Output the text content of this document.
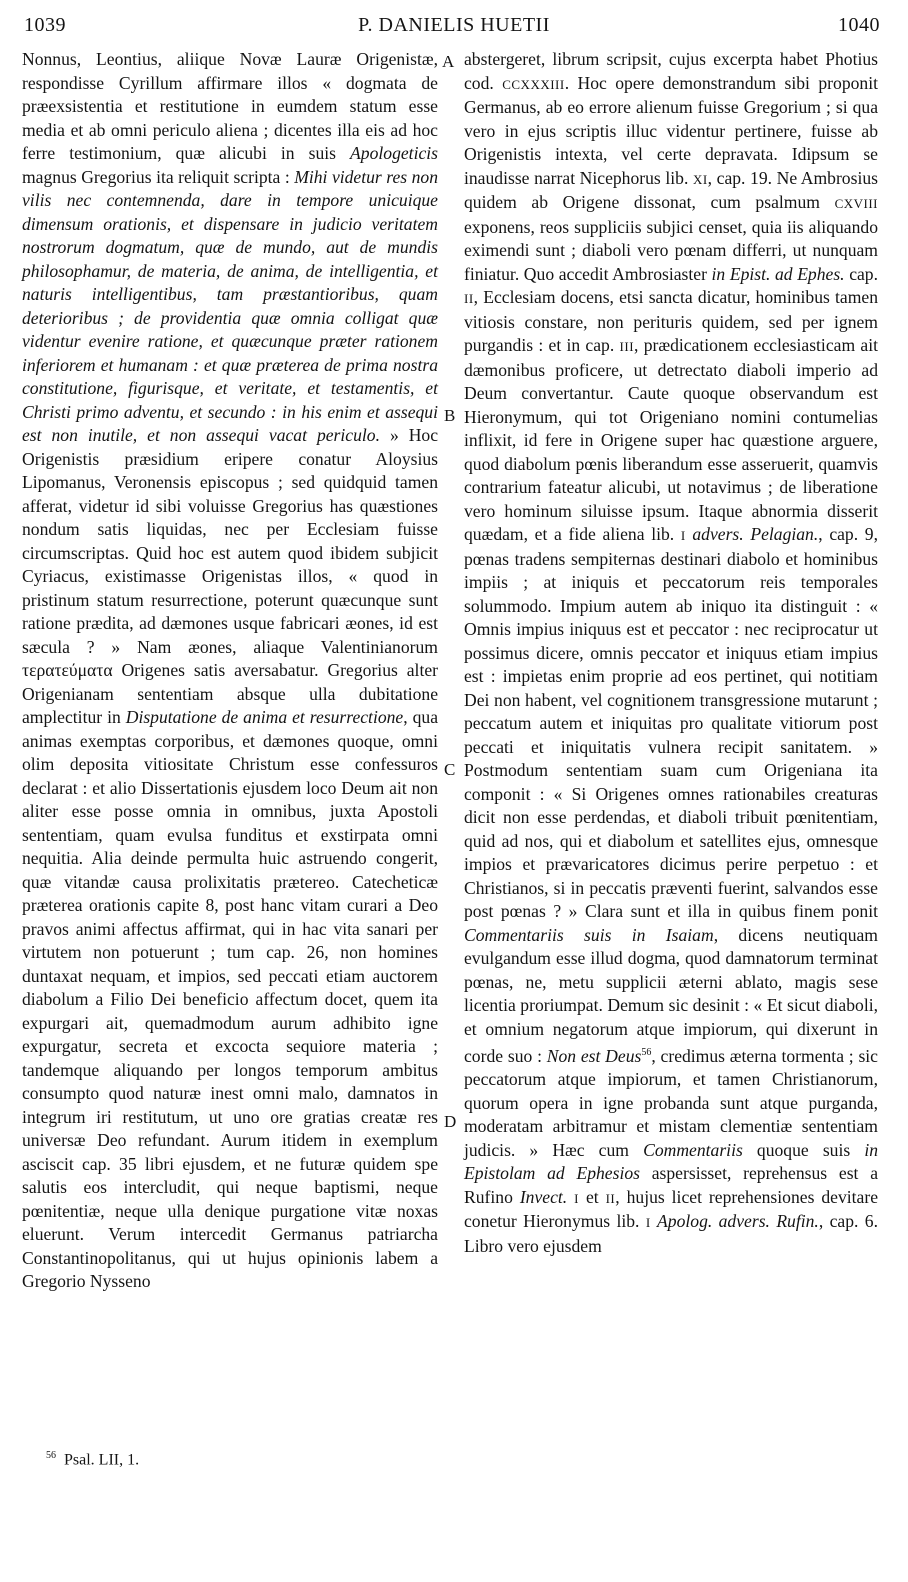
1039	P. DANIELIS HUETII	1040

Nonnus, Leontius, aliique Novæ Lauræ Origenistæ, respondisse Cyrillum affirmare illos « dogmata de præexsistentia et restitutione in eumdem statum esse media et ab omni periculo aliena ; dicentes illa eis ad hoc ferre testimonium, quæ alicubi in suis Apologeticis magnus Gregorius ita reliquit scripta : Mihi videtur res non vilis nec contemnenda, dare in tempore unicuique dimensum orationis, et dispensare in judicio veritatem nostrorum dogmatum, quæ de mundo, aut de mundis philosophamur, de materia, de anima, de intelligentia, et naturis intelligentibus, tam præstantioribus, quam deterioribus ; de providentia quæ omnia colligat quæ videntur evenire ratione, et quæcunque præter rationem inferiorem et humanam : et quæ præterea de prima nostra constitutione, figurisque, et veritate, et testamentis, et Christi primo adventu, et secundo : in his enim et assequi est non inutile, et non assequi vacat periculo. » Hoc Origenistis præsidium eripere conatur Aloysius Lipomanus, Veronensis episcopus ; sed quidquid tamen afferat, videtur id sibi voluisse Gregorius has quæstiones nondum satis liquidas, nec per Ecclesiam fuisse circumscriptas. Quid hoc est autem quod ibidem subjicit Cyriacus, existimasse Origenistas illos, « quod in pristinum statum resurrectione, poterunt quæcunque sunt ratione prædita, ad dæmones usque fabricari æones, id est sæcula ? » Nam æones, aliaque Valentinianorum τερατεύματα Origenes satis aversabatur. Gregorius alter Origenianam sententiam absque ulla dubitatione amplectitur in Disputatione de anima et resurrectione, qua animas exemptas corporibus, et dæmones quoque, omni olim deposita vitiositate Christum esse confessuros declarat : et alio Dissertationis ejusdem loco Deum ait non aliter esse posse omnia in omnibus, juxta Apostoli sententiam, quam evulsa funditus et exstirpata omni nequitia. Alia deinde permulta huic astruendo congerit, quæ vitandæ causa prolixitatis prætereo. Catecheticæ præterea orationis capite 8, post hanc vitam curari a Deo pravos animi affectus affirmat, qui in hac vita sanari per virtutem non potuerunt ; tum cap. 26, non homines duntaxat nequam, et impios, sed peccati etiam auctorem diabolum a Filio Dei beneficio affectum docet, quem ita expurgari ait, quemadmodum aurum adhibito igne expurgatur, secreta et excocta sequiore materia ; tandemque aliquando per longos temporum ambitus consumpto quod naturæ inest omni malo, damnatos in integrum iri restitutum, ut uno ore gratias creatæ res universæ Deo refundant. Aurum itidem in exemplum asciscit cap. 35 libri ejusdem, et ne futuræ quidem spe salutis eos intercludit, qui neque baptismi, neque pœnitentiæ, neque ulla denique purgatione vitæ noxas eluerunt. Verum intercedit Germanus patriarcha Constantinopolitanus, qui ut hujus opinionis labem a Gregorio Nysseno

A
B
C
D

abstergeret, librum scripsit, cujus excerpta habet Photius cod. CCXXXIII. Hoc opere demonstrandum sibi proponit Germanus, ab eo errore alienum fuisse Gregorium ; si qua vero in ejus scriptis illuc videntur pertinere, fuisse ab Origenistis intexta, vel certe depravata. Idipsum se inaudisse narrat Nicephorus lib. XI, cap. 19. Ne Ambrosius quidem ab Origene dissonat, cum psalmum CXVIII exponens, reos suppliciis subjici censet, quia iis aliquando eximendi sunt ; diaboli vero pœnam differri, ut nunquam finiatur. Quo accedit Ambrosiaster in Epist. ad Ephes. cap. II, Ecclesiam docens, etsi sancta dicatur, hominibus tamen vitiosis constare, non perituris quidem, sed per ignem purgandis : et in cap. III, prædicationem ecclesiasticam ait dæmonibus proficere, ut detrectato diaboli imperio ad Deum convertantur. Caute quoque observandum est Hieronymum, qui tot Origeniano nomini contumelias inflixit, id fere in Origene super hac quæstione arguere, quod diabolum pœnis liberandum esse asseruerit, quamvis contrarium fateatur alicubi, ut notavimus ; de liberatione vero hominum siluisse ipsum. Itaque abnormia disserit quædam, et a fide aliena lib. I advers. Pelagian., cap. 9, pœnas tradens sempiternas destinari diabolo et hominibus impiis ; at iniquis et peccatorum reis temporales solummodo. Impium autem ab iniquo ita distinguit : « Omnis impius iniquus est et peccator : nec reciprocatur ut possimus dicere, omnis peccator et iniquus etiam impius est : impietas enim proprie ad eos pertinet, qui notitiam Dei non habent, vel cognitionem transgressione mutarunt ; peccatum autem et iniquitas pro qualitate vitiorum post peccati et iniquitatis vulnera recipit sanitatem. » Postmodum sententiam suam cum Origeniana ita componit : « Si Origenes omnes rationabiles creaturas dicit non esse perdendas, et diaboli tribuit pœnitentiam, quid ad nos, qui et diabolum et satellites ejus, omnesque impios et prævaricatores dicimus perire perpetuo : et Christianos, si in peccatis præventi fuerint, salvandos esse post pœnas ? » Clara sunt et illa in quibus finem ponit Commentariis suis in Isaiam, dicens neutiquam evulgandum esse illud dogma, quod damnatorum terminat pœnas, ne, metu supplicii æterni ablato, magis sese licentia proriumpat. Demum sic desinit : « Et sicut diaboli, et omnium negatorum atque impiorum, qui dixerunt in corde suo : Non est Deus$^{56}$, credimus æterna tormenta ; sic peccatorum atque impiorum, et tamen Christianorum, quorum opera in igne probanda sunt atque purganda, moderatam arbitramur et mistam clementiæ sententiam judicis. » Hæc cum Commentariis quoque suis in Epistolam ad Ephesios aspersisset, reprehensus est a Rufino Invect. I et II, hujus licet reprehensiones devitare conetur Hieronymus lib. I Apolog. advers. Rufin., cap. 6. Libro vero ejusdem

$^{56}$ Psal. LII, 1.
